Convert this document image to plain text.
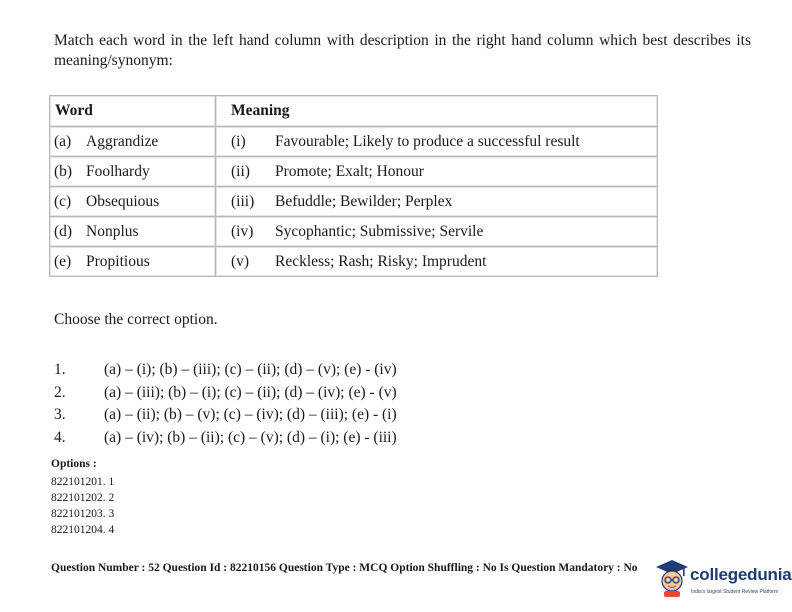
Match each word in the left hand column with description in the right hand column which best describes its meaning/synonym:
Word	Meaning
(a) Aggrandize	(i) Favourable; Likely to produce a successful result
(b) Foolhardy	(ii) Promote; Exalt; Honour
(c) Obsequious	(iii) Befuddle; Bewilder; Perplex
(d) Nonplus	(iv) Sycophantic; Submissive; Servile
(e) Propitious	(v) Reckless; Rash; Risky; Imprudent
Choose the correct option.
1. (a) – (i); (b) – (iii); (c) – (ii); (d) – (v); (e) - (iv)
2. (a) – (iii); (b) – (i); (c) – (ii); (d) – (iv); (e) - (v)
3. (a) – (ii); (b) – (v); (c) – (iv); (d) – (iii); (e) - (i)
4. (a) – (iv); (b) – (ii); (c) – (v); (d) – (i); (e) - (iii)
Options :
822101201. 1
822101202. 2
822101203. 3
822101204. 4
Question Number : 52 Question Id : 82210156 Question Type : MCQ Option Shuffling : No Is Question Mandatory : No	collegedunia
India's largest Student Review Platform
